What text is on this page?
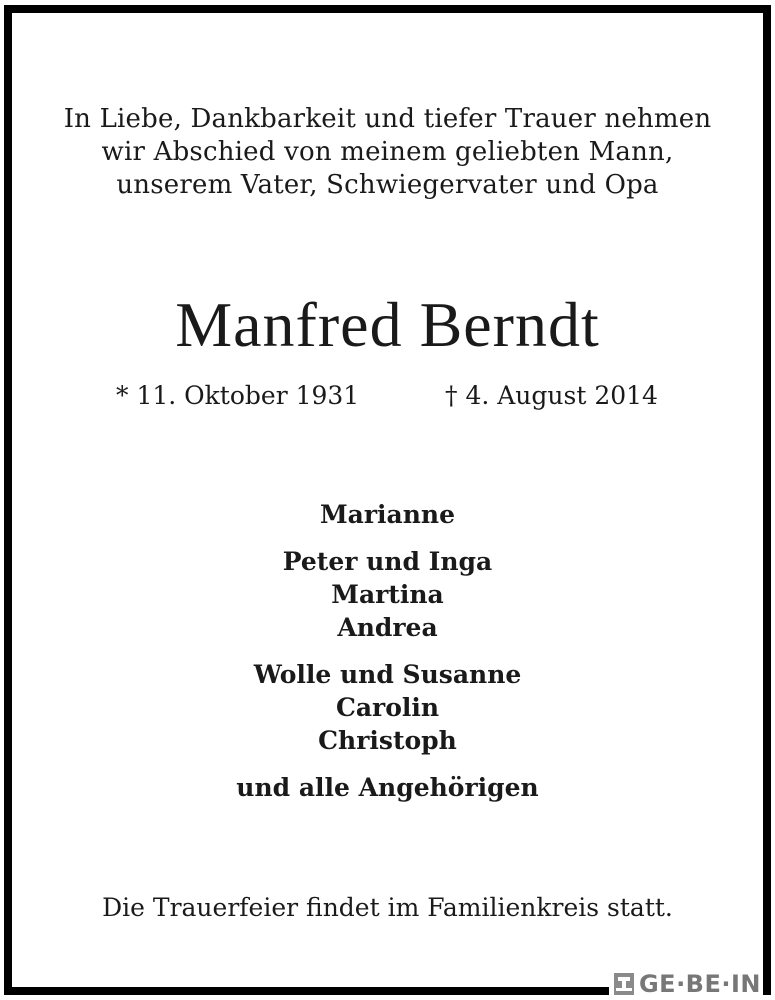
In Liebe, Dankbarkeit und tiefer Trauer nehmen
wir Abschied von meinem geliebten Mann,
unserem Vater, Schwiegervater und Opa
Manfred Berndt
* 11. Oktober 1931	† 4. August 2014
Marianne
Peter und Inga
Martina
Andrea
Wolle und Susanne
Carolin
Christoph
und alle Angehörigen
Die Trauerfeier findet im Familienkreis statt.
GE·BE·IN
